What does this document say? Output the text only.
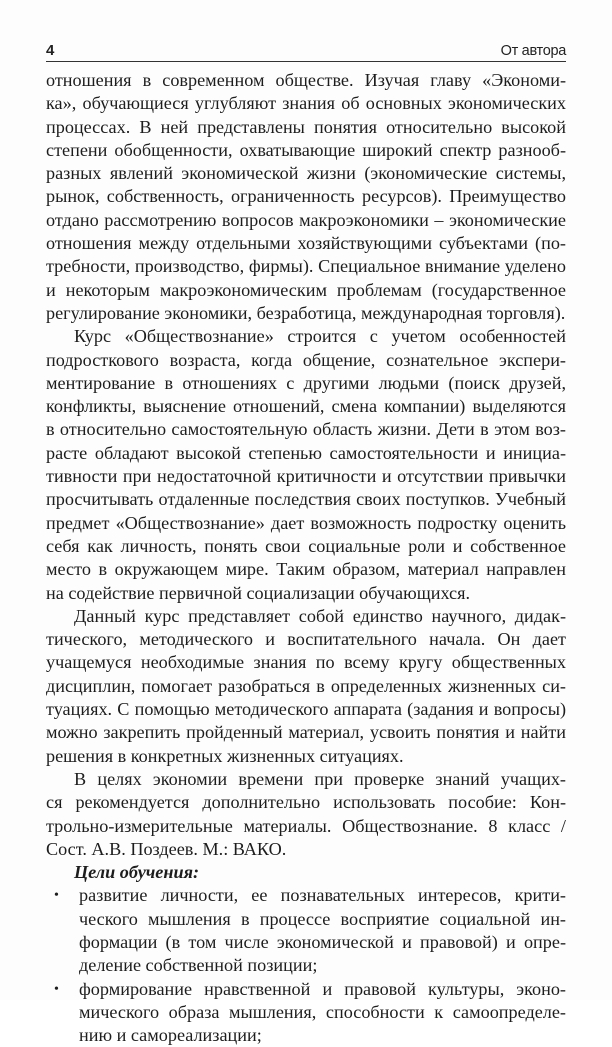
4	От автора

отношения в современном обществе. Изучая главу «Экономи-
ка», обучающиеся углубляют знания об основных экономических
процессах. В ней представлены понятия относительно высокой
степени обобщенности, охватывающие широкий спектр разнооб-
разных явлений экономической жизни (экономические системы,
рынок, собственность, ограниченность ресурсов). Преимущество
отдано рассмотрению вопросов макроэкономики – экономические
отношения между отдельными хозяйствующими субъектами (по-
требности, производство, фирмы). Специальное внимание уделено
и некоторым макроэкономическим проблемам (государственное
регулирование экономики, безработица, международная торговля).

Курс «Обществознание» строится с учетом особенностей
подросткового возраста, когда общение, сознательное экспери-
ментирование в отношениях с другими людьми (поиск друзей,
конфликты, выяснение отношений, смена компании) выделяются
в относительно самостоятельную область жизни. Дети в этом воз-
расте обладают высокой степенью самостоятельности и инициа-
тивности при недостаточной критичности и отсутствии привычки
просчитывать отдаленные последствия своих поступков. Учебный
предмет «Обществознание» дает возможность подростку оценить
себя как личность, понять свои социальные роли и собственное
место в окружающем мире. Таким образом, материал направлен
на содействие первичной социализации обучающихся.

Данный курс представляет собой единство научного, дидак-
тического, методического и воспитательного начала. Он дает
учащемуся необходимые знания по всему кругу общественных
дисциплин, помогает разобраться в определенных жизненных си-
туациях. С помощью методического аппарата (задания и вопросы)
можно закрепить пройденный материал, усвоить понятия и найти
решения в конкретных жизненных ситуациях.

В целях экономии времени при проверке знаний учащих-
ся рекомендуется дополнительно использовать пособие: Кон-
трольно-измерительные материалы. Обществознание. 8 класс /
Сост. А.В. Поздеев. М.: ВАКО.

Цели обучения:
• развитие личности, ее познавательных интересов, крити-
ческого мышления в процессе восприятие социальной ин-
формации (в том числе экономической и правовой) и опре-
деление собственной позиции;
• формирование нравственной и правовой культуры, эконо-
мического образа мышления, способности к самоопределе-
нию и самореализации;
